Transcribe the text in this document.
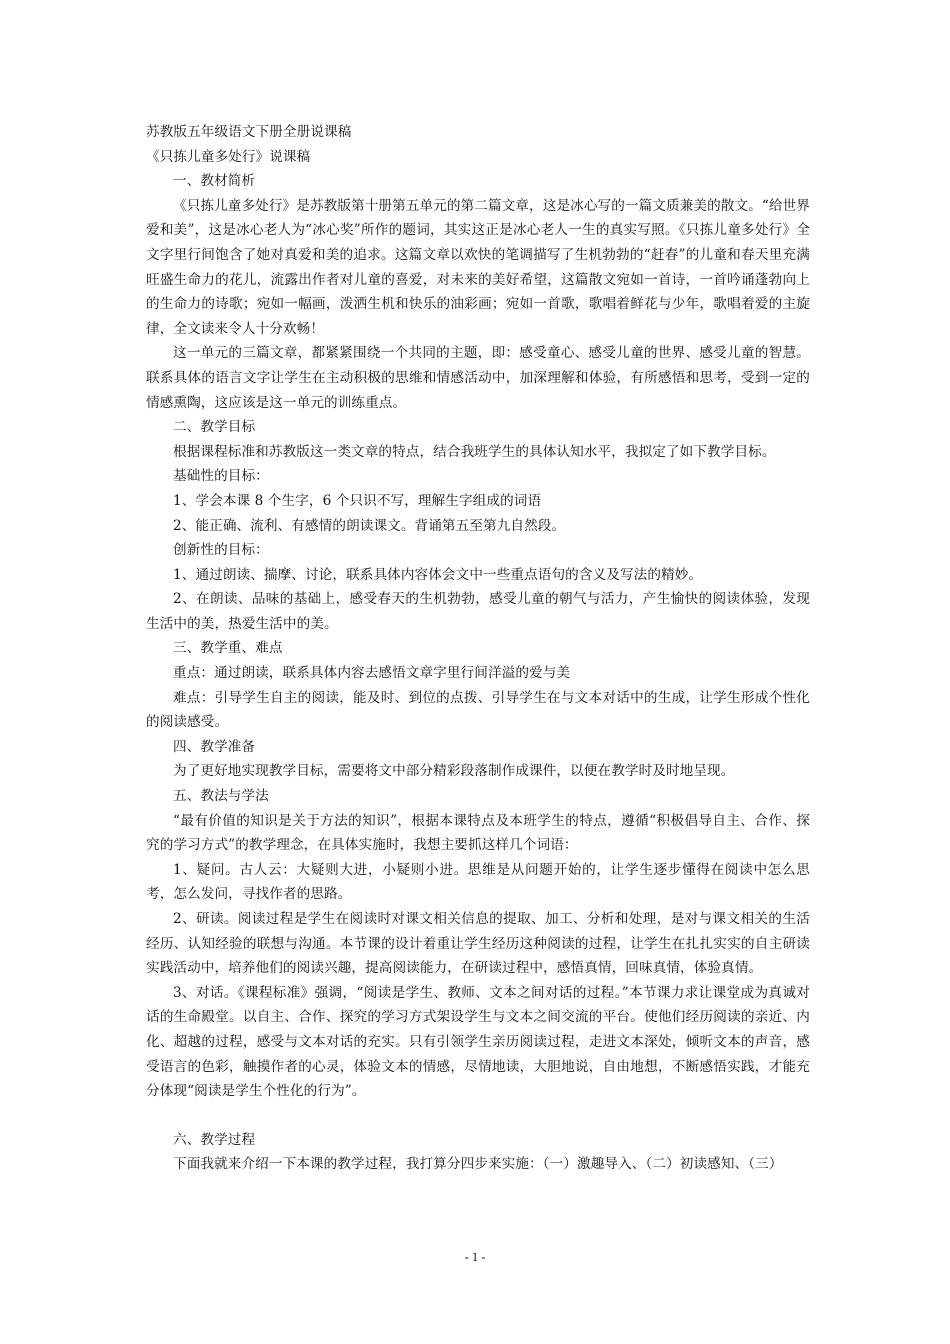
苏教版五年级语文下册全册说课稿

《只拣儿童多处行》说课稿

一、教材简析

《只拣儿童多处行》是苏教版第十册第五单元的第二篇文章，这是冰心写的一篇文质兼美的散文。“给世界爱和美”，这是冰心老人为“冰心奖”所作的题词，其实这正是冰心老人一生的真实写照。《只拣儿童多处行》全文字里行间饱含了她对真爱和美的追求。这篇文章以欢快的笔调描写了生机勃勃的“赶春”的儿童和春天里充满旺盛生命力的花儿，流露出作者对儿童的喜爱，对未来的美好希望，这篇散文宛如一首诗，一首吟诵蓬勃向上的生命力的诗歌；宛如一幅画，泼洒生机和快乐的油彩画；宛如一首歌，歌唱着鲜花与少年，歌唱着爱的主旋律，全文读来令人十分欢畅！

这一单元的三篇文章，都紧紧围绕一个共同的主题，即：感受童心、感受儿童的世界、感受儿童的智慧。联系具体的语言文字让学生在主动积极的思维和情感活动中，加深理解和体验，有所感悟和思考，受到一定的情感熏陶，这应该是这一单元的训练重点。

二、教学目标

根据课程标准和苏教版这一类文章的特点，结合我班学生的具体认知水平，我拟定了如下教学目标。

基础性的目标：

1、学会本课 8 个生字，6 个只识不写，理解生字组成的词语

2、能正确、流利、有感情的朗读课文。背诵第五至第九自然段。

创新性的目标：

1、通过朗读、揣摩、讨论，联系具体内容体会文中一些重点语句的含义及写法的精妙。

2、在朗读、品味的基础上，感受春天的生机勃勃，感受儿童的朝气与活力，产生愉快的阅读体验，发现生活中的美，热爱生活中的美。

三、教学重、难点

重点：通过朗读，联系具体内容去感悟文章字里行间洋溢的爱与美

难点：引导学生自主的阅读，能及时、到位的点拨、引导学生在与文本对话中的生成，让学生形成个性化的阅读感受。

四、教学准备

为了更好地实现教学目标，需要将文中部分精彩段落制作成课件，以便在教学时及时地呈现。

五、教法与学法

“最有价值的知识是关于方法的知识”，根据本课特点及本班学生的特点，遵循“积极倡导自主、合作、探究的学习方式”的教学理念，在具体实施时，我想主要抓这样几个词语：

1、疑问。古人云：大疑则大进，小疑则小进。思维是从问题开始的，让学生逐步懂得在阅读中怎么思考，怎么发问，寻找作者的思路。

2、研读。阅读过程是学生在阅读时对课文相关信息的提取、加工、分析和处理，是对与课文相关的生活经历、认知经验的联想与沟通。本节课的设计着重让学生经历这种阅读的过程，让学生在扎扎实实的自主研读实践活动中，培养他们的阅读兴趣，提高阅读能力，在研读过程中，感悟真情，回味真情，体验真情。

3、对话。《课程标准》强调，“阅读是学生、教师、文本之间对话的过程。”本节课力求让课堂成为真诚对话的生命殿堂。以自主、合作、探究的学习方式架设学生与文本之间交流的平台。使他们经历阅读的亲近、内化、超越的过程，感受与文本对话的充实。只有引领学生亲历阅读过程，走进文本深处，倾听文本的声音，感受语言的色彩，触摸作者的心灵，体验文本的情感，尽情地读，大胆地说，自由地想，不断感悟实践，才能充分体现“阅读是学生个性化的行为”。

六、教学过程

下面我就来介绍一下本课的教学过程，我打算分四步来实施：（一）激趣导入、（二）初读感知、（三）

- 1 -
